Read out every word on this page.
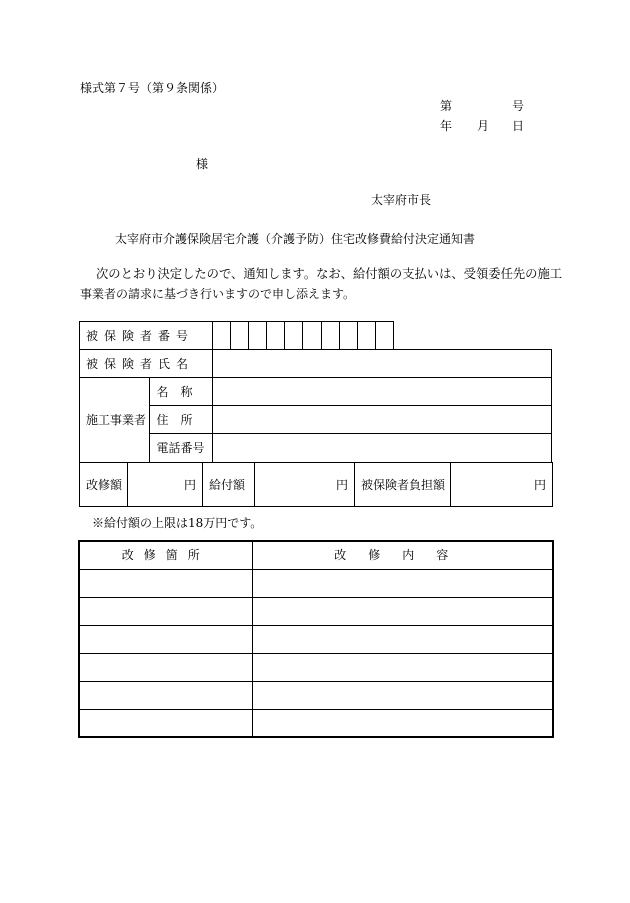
様式第７号（第９条関係）
第	号
年 月 日
様
太宰府市長
太宰府市介護保険居宅介護（介護予防）住宅改修費給付決定通知書
次のとおり決定したので、通知します。なお、給付額の支払いは、受領委任先の施工
事業者の請求に基づき行いますので申し添えます。
被保険者番号												
被保険者氏名												
施工事業者	名　称											
	住　所											
	電話番号											
改修額	円	給付額	円	被保険者負担額	円
※給付額の上限は18万円です。
改修箇所	改修内容
